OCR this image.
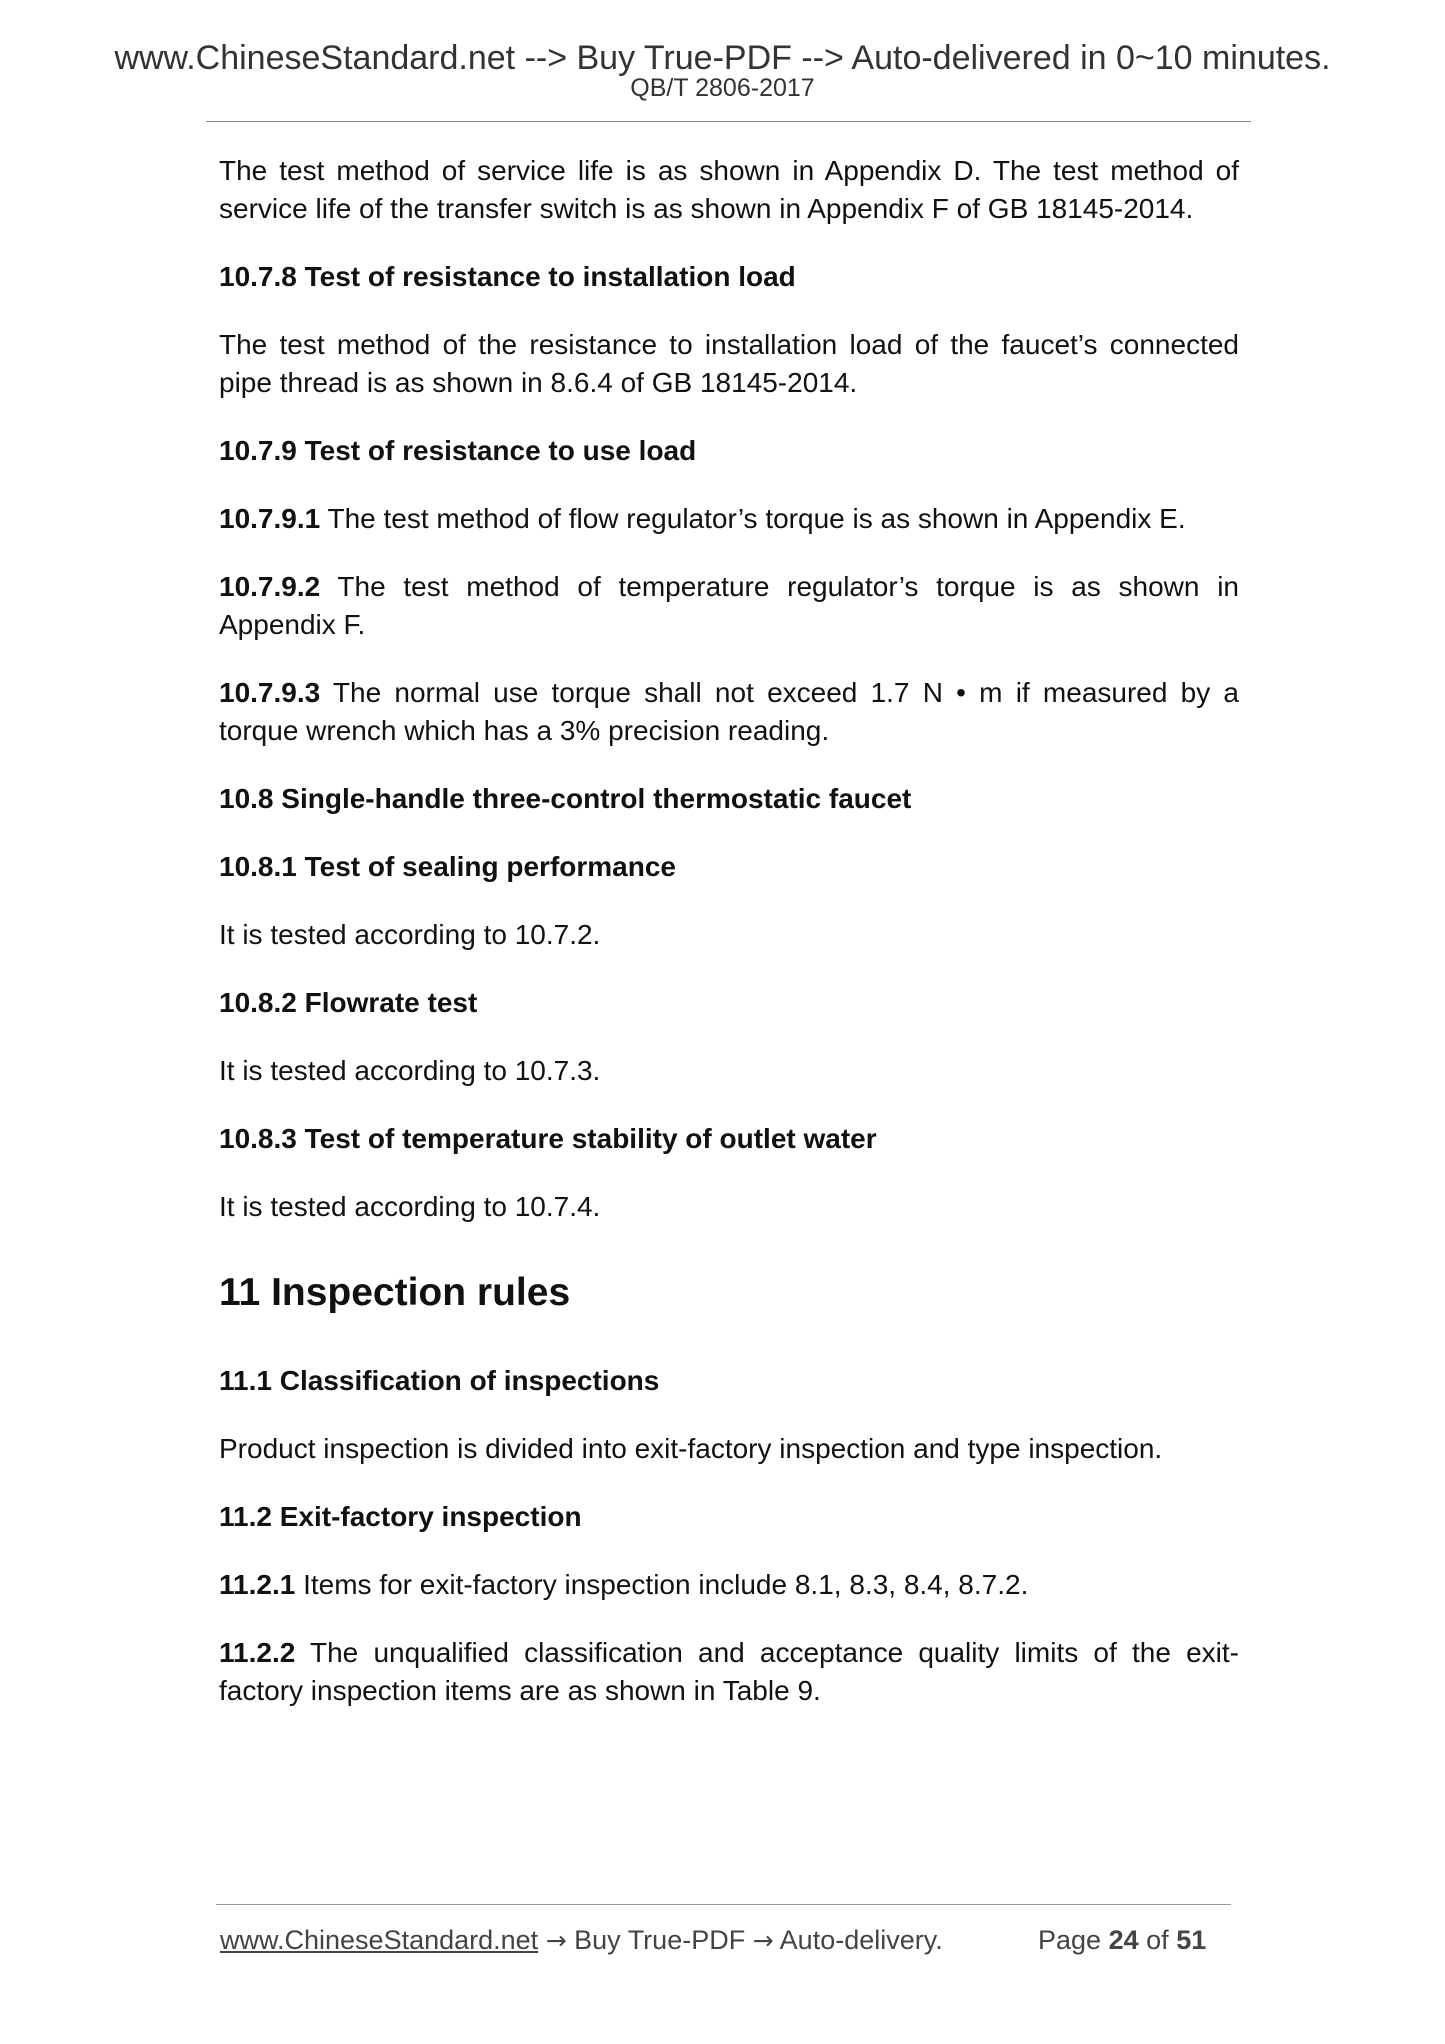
www.ChineseStandard.net --> Buy True-PDF --> Auto-delivered in 0~10 minutes.
QB/T 2806-2017

The test method of service life is as shown in Appendix D. The test method of service life of the transfer switch is as shown in Appendix F of GB 18145-2014.

10.7.8 Test of resistance to installation load

The test method of the resistance to installation load of the faucet’s connected pipe thread is as shown in 8.6.4 of GB 18145-2014.

10.7.9 Test of resistance to use load

10.7.9.1 The test method of flow regulator’s torque is as shown in Appendix E.

10.7.9.2 The test method of temperature regulator’s torque is as shown in Appendix F.

10.7.9.3 The normal use torque shall not exceed 1.7 N • m if measured by a torque wrench which has a 3% precision reading.

10.8 Single-handle three-control thermostatic faucet

10.8.1 Test of sealing performance

It is tested according to 10.7.2.

10.8.2 Flowrate test

It is tested according to 10.7.3.

10.8.3 Test of temperature stability of outlet water

It is tested according to 10.7.4.

11 Inspection rules

11.1 Classification of inspections

Product inspection is divided into exit-factory inspection and type inspection.

11.2 Exit-factory inspection

11.2.1 Items for exit-factory inspection include 8.1, 8.3, 8.4, 8.7.2.

11.2.2 The unqualified classification and acceptance quality limits of the exit-factory inspection items are as shown in Table 9.

www.ChineseStandard.net → Buy True-PDF → Auto-delivery.	Page 24 of 51
